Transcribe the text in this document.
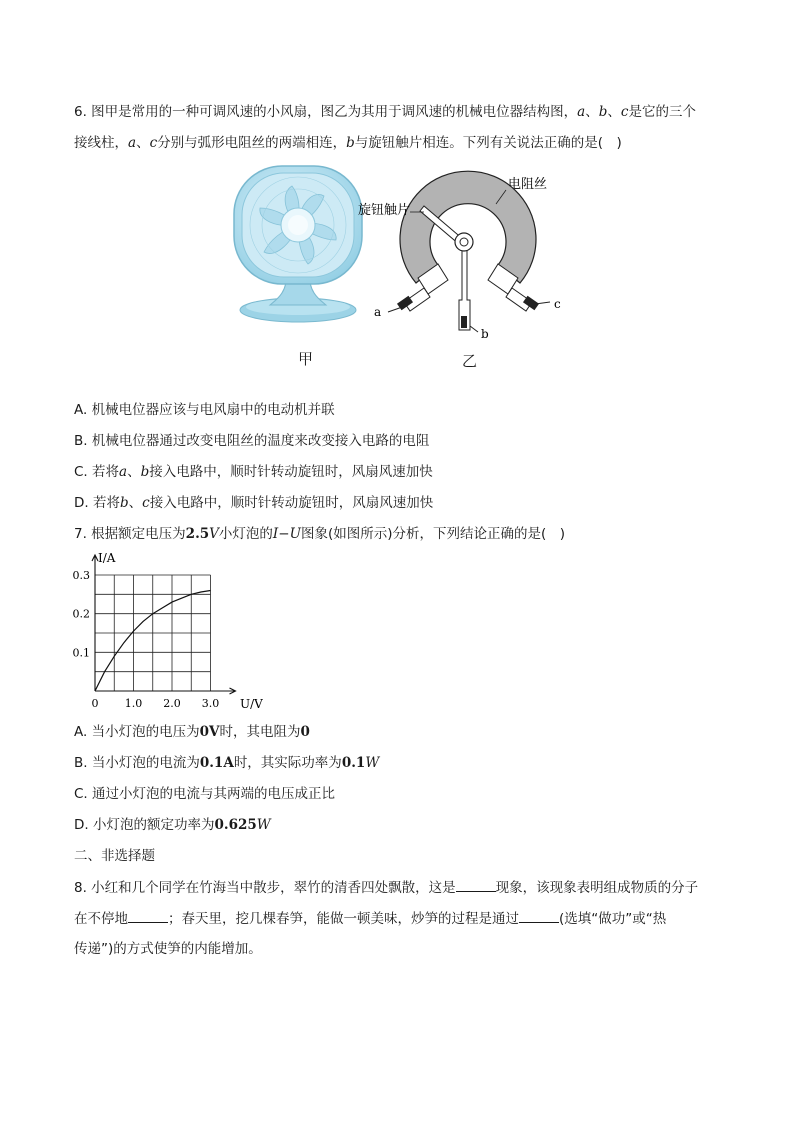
6. 图甲是常用的一种可调风速的小风扇，图乙为其用于调风速的机械电位器结构图，a、b、c是它的三个
接线柱，a、c分别与弧形电阻丝的两端相连，b与旋钮触片相连。下列有关说法正确的是(　)
电阻丝
旋钮触片
a
b
c
甲	乙
A. 机械电位器应该与电风扇中的电动机并联
B. 机械电位器通过改变电阻丝的温度来改变接入电路的电阻
C. 若将a、b接入电路中，顺时针转动旋钮时，风扇风速加快
D. 若将b、c接入电路中，顺时针转动旋钮时，风扇风速加快
7. 根据额定电压为2.5V小灯泡的I−U图象(如图所示)分析，下列结论正确的是(　)
I/A
U/V
0 1.0 2.0 3.0
0.1
0.2
0.3
A. 当小灯泡的电压为0V时，其电阻为0
B. 当小灯泡的电流为0.1A时，其实际功率为0.1W
C. 通过小灯泡的电流与其两端的电压成正比
D. 小灯泡的额定功率为0.625W
二、非选择题
8. 小红和几个同学在竹海当中散步，翠竹的清香四处飘散，这是	现象，该现象表明组成物质的分子
在不停地	；春天里，挖几棵春笋，能做一顿美味，炒笋的过程是通过	(选填“做功”或“热
传递”)的方式使笋的内能增加。
